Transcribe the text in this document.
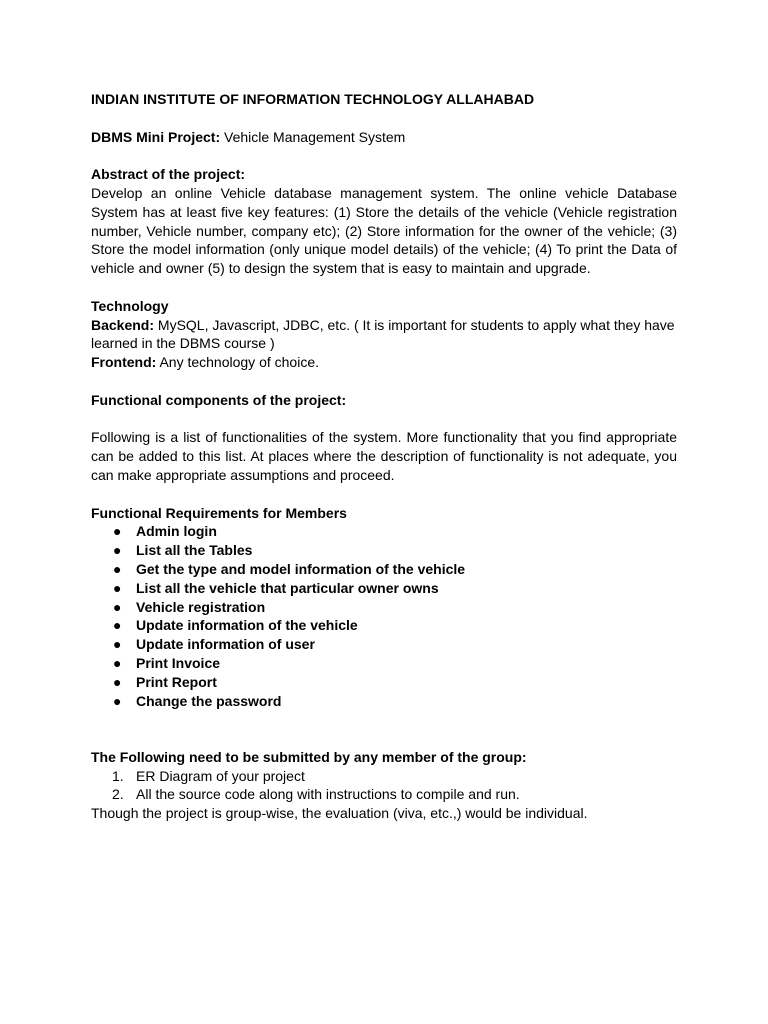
INDIAN INSTITUTE OF INFORMATION TECHNOLOGY ALLAHABAD

DBMS Mini Project: Vehicle Management System

Abstract of the project:

Develop an online Vehicle database management system. The online vehicle Database System has at least five key features: (1) Store the details of the vehicle (Vehicle registration number, Vehicle number, company etc); (2) Store information for the owner of the vehicle; (3) Store the model information (only unique model details) of the vehicle; (4) To print the Data of vehicle and owner (5) to design the system that is easy to maintain and upgrade.

Technology

Backend: MySQL, Javascript, JDBC, etc. ( It is important for students to apply what they have learned in the DBMS course )

Frontend: Any technology of choice.

Functional components of the project:

Following is a list of functionalities of the system. More functionality that you find appropriate can be added to this list. At places where the description of functionality is not adequate, you can make appropriate assumptions and proceed.

Functional Requirements for Members

● Admin login
● List all the Tables
● Get the type and model information of the vehicle
● List all the vehicle that particular owner owns
● Vehicle registration
● Update information of the vehicle
● Update information of user
● Print Invoice
● Print Report
● Change the password

The Following need to be submitted by any member of the group:

1. ER Diagram of your project
2. All the source code along with instructions to compile and run.

Though the project is group-wise, the evaluation (viva, etc.,) would be individual.
